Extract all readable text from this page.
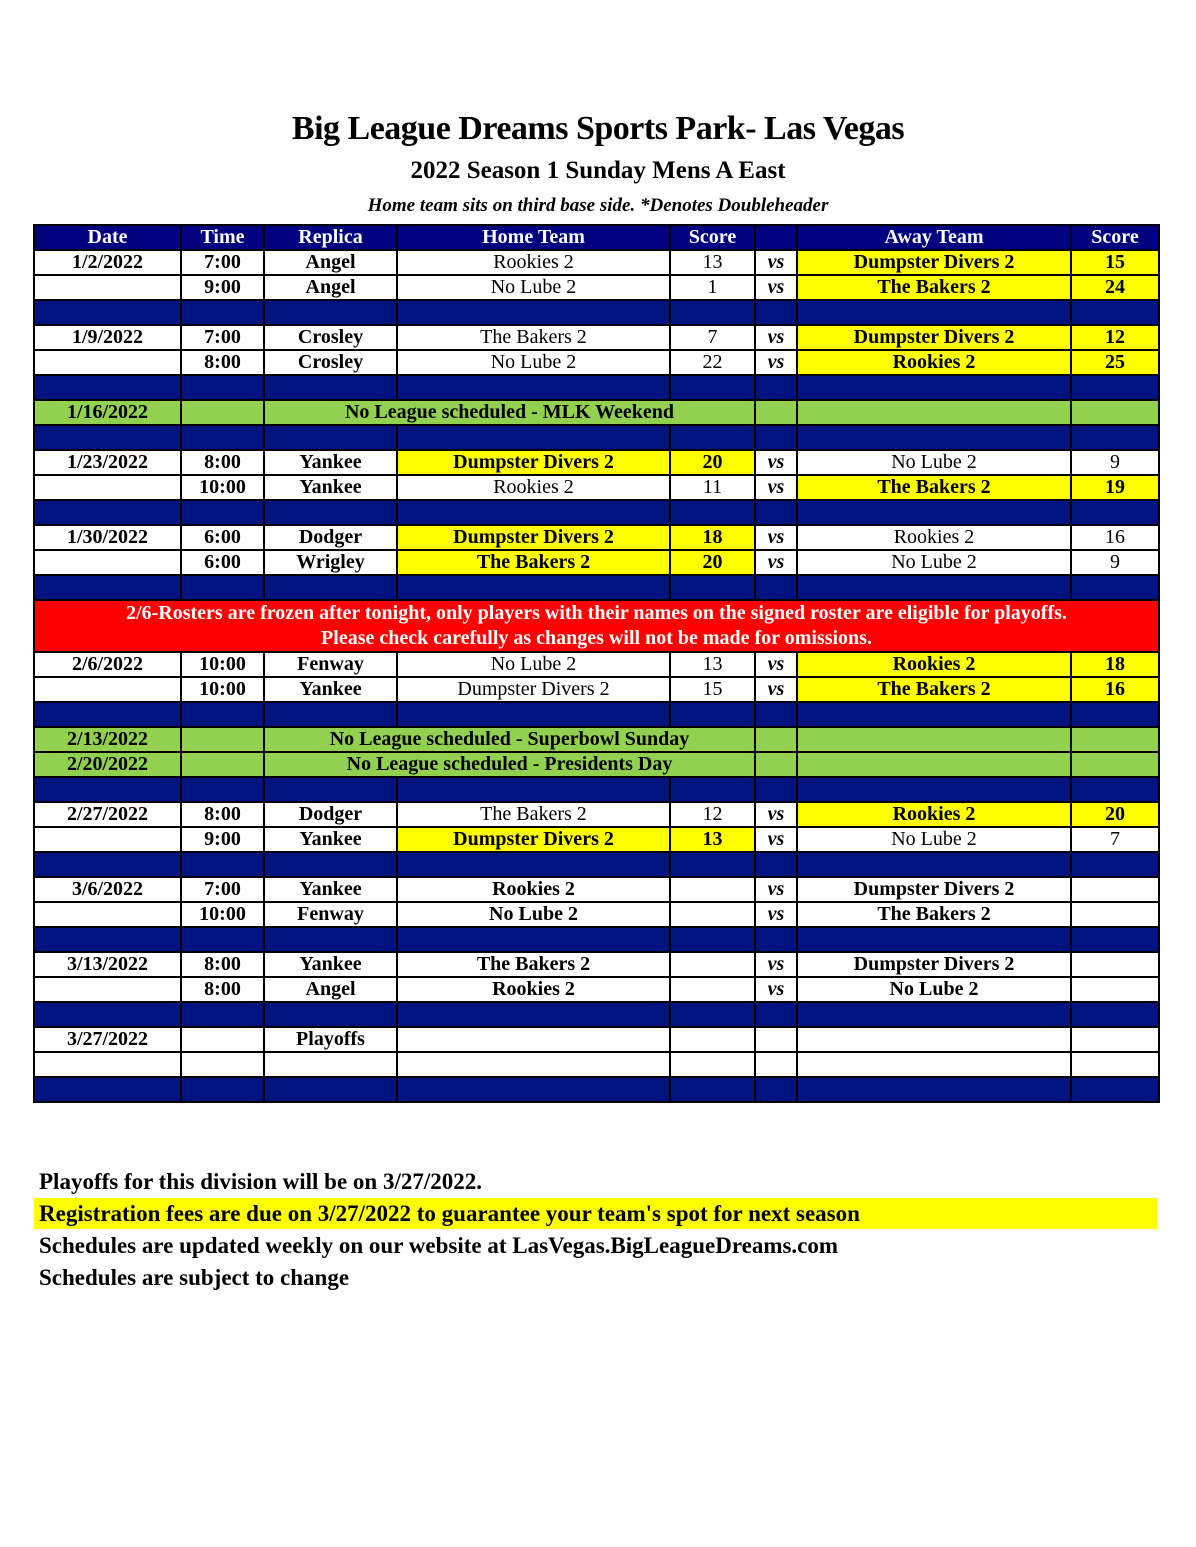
Big League Dreams Sports Park- Las Vegas
2022 Season 1 Sunday Mens A East
Home team sits on third base side. *Denotes Doubleheader
Date	Time	Replica	Home Team	Score		Away Team	Score
1/2/2022	7:00	Angel	Rookies 2	13	vs	Dumpster Divers 2	15
	9:00	Angel	No Lube 2	1	vs	The Bakers 2	24

1/9/2022	7:00	Crosley	The Bakers 2	7	vs	Dumpster Divers 2	12
	8:00	Crosley	No Lube 2	22	vs	Rookies 2	25

1/16/2022		No League scheduled - MLK Weekend					

1/23/2022	8:00	Yankee	Dumpster Divers 2	20	vs	No Lube 2	9
	10:00	Yankee	Rookies 2	11	vs	The Bakers 2	19

1/30/2022	6:00	Dodger	Dumpster Divers 2	18	vs	Rookies 2	16
	6:00	Wrigley	The Bakers 2	20	vs	No Lube 2	9

2/6-Rosters are frozen after tonight, only players with their names on the signed roster are eligible for playoffs.
Please check carefully as changes will not be made for omissions.							

2/6/2022	10:00	Fenway	No Lube 2	13	vs	Rookies 2	18
	10:00	Yankee	Dumpster Divers 2	15	vs	The Bakers 2	16

2/13/2022		No League scheduled - Superbowl Sunday					
2/20/2022		No League scheduled - Presidents Day					

2/27/2022	8:00	Dodger	The Bakers 2	12	vs	Rookies 2	20
	9:00	Yankee	Dumpster Divers 2	13	vs	No Lube 2	7

3/6/2022	7:00	Yankee	Rookies 2		vs	Dumpster Divers 2	
	10:00	Fenway	No Lube 2		vs	The Bakers 2	

3/13/2022	8:00	Yankee	The Bakers 2		vs	Dumpster Divers 2	
	8:00	Angel	Rookies 2		vs	No Lube 2	

3/27/2022		Playoffs					

Playoffs for this division will be on 3/27/2022.
Registration fees are due on 3/27/2022 to guarantee your team's spot for next season
Schedules are updated weekly on our website at LasVegas.BigLeagueDreams.com
Schedules are subject to change
